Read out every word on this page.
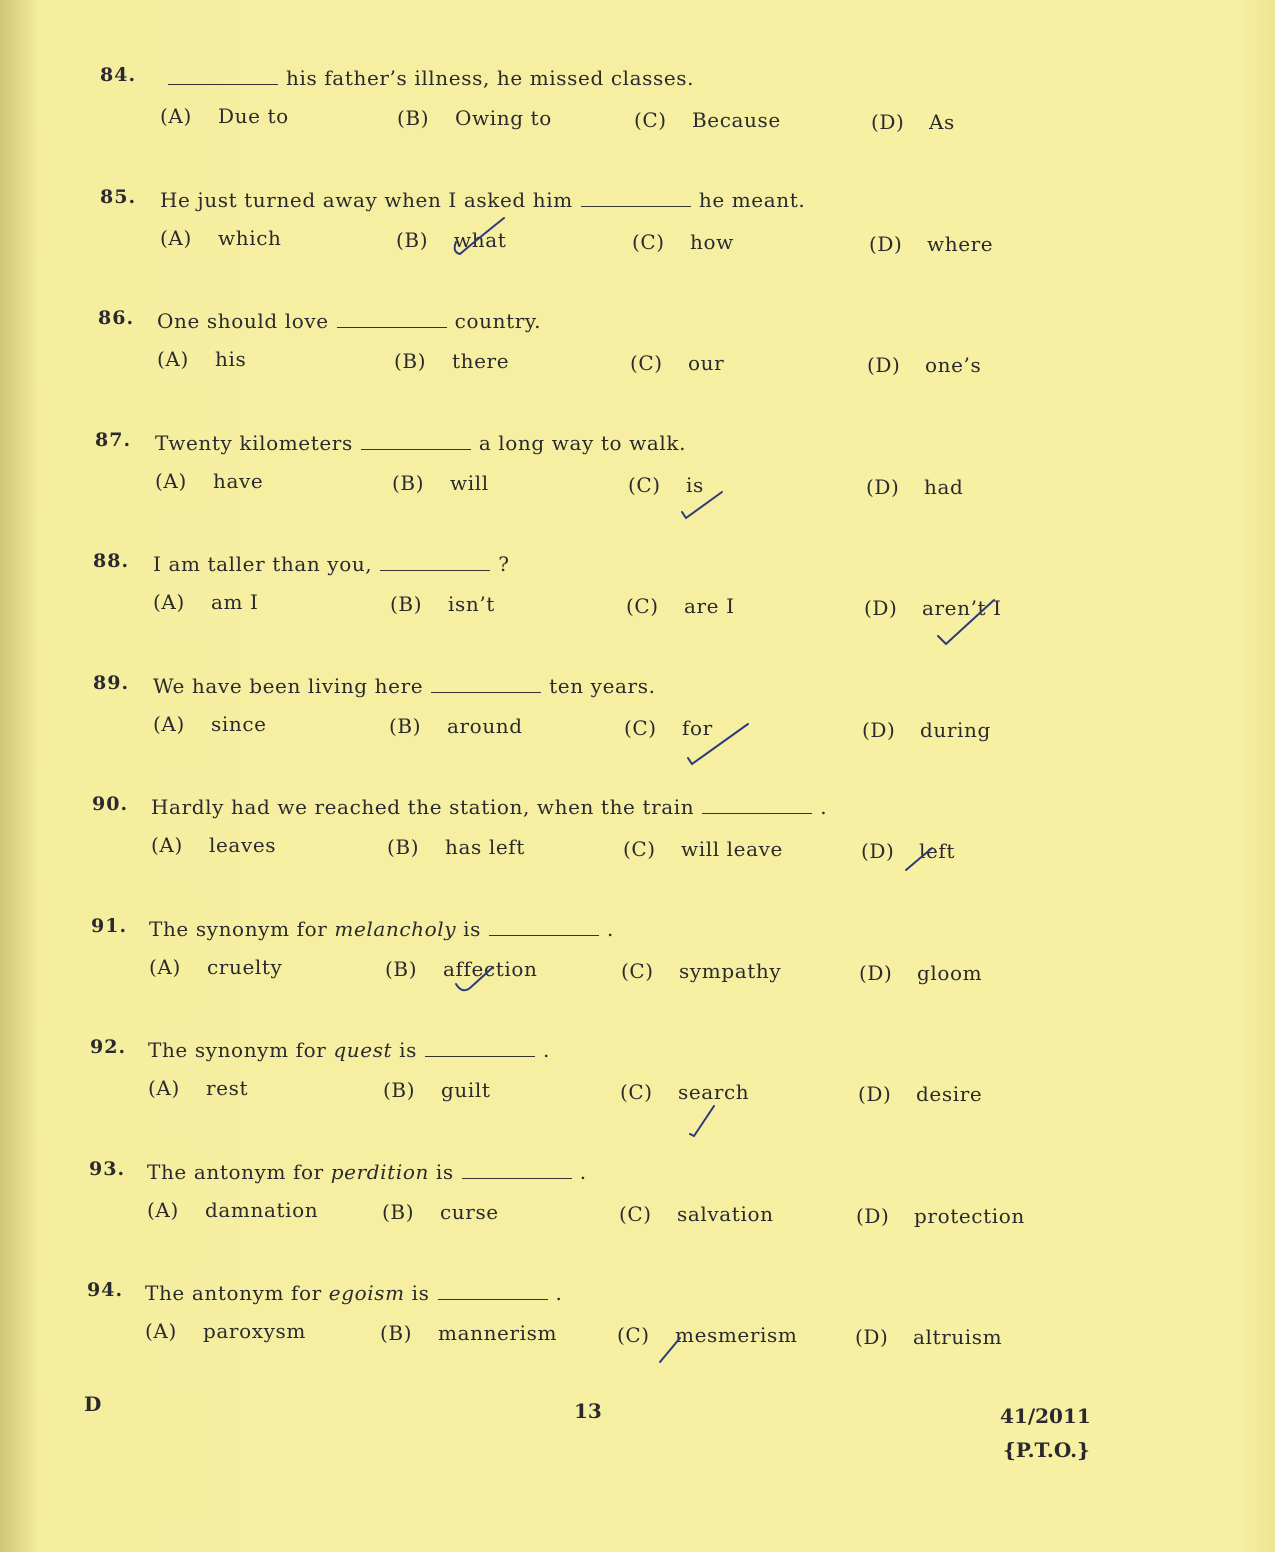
84.	his father’s illness, he missed classes.
(A) Due to	(B) Owing to	(C) Because	(D) As
85. He just turned away when I asked him	he meant.
(A) which	(B) what	(C) how	(D) where
86. One should love	country.
(A) his	(B) there	(C) our	(D) one’s
87. Twenty kilometers	a long way to walk.
(A) have	(B) will	(C) is	(D) had
88. I am taller than you,	?
(A) am I	(B) isn’t	(C) are I	(D) aren’t I
89. We have been living here	ten years.
(A) since	(B) around	(C) for	(D) during
90. Hardly had we reached the station, when the train	.
(A) leaves	(B) has left	(C) will leave	(D) left
91. The synonym for melancholy is	.
(A) cruelty	(B) affection	(C) sympathy	(D) gloom
92. The synonym for quest is	.
(A) rest	(B) guilt	(C) search	(D) desire
93. The antonym for perdition is	.
(A) damnation	(B) curse	(C) salvation	(D) protection
94. The antonym for egoism is	.
(A) paroxysm	(B) mannerism	(C) mesmerism	(D) altruism
D	13	41/2011
{P.T.O.}
